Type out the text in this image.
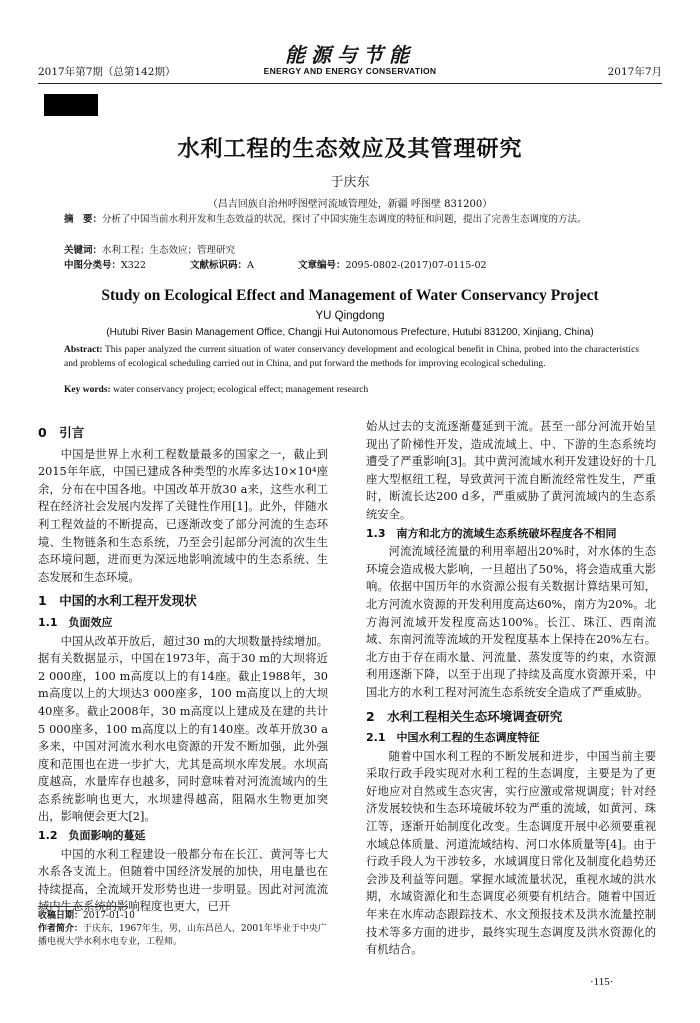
2017年第7期（总第142期）
能源与节能
ENERGY AND ENERGY CONSERVATION	2017年7月
水利工程的生态效应及其管理研究
于庆东
（昌吉回族自治州呼图壁河流域管理处，新疆 呼图壁 831200）
摘　要：分析了中国当前水利开发和生态效益的状况，探讨了中国实施生态调度的特征和问题，提出了完善生态调度的方法。
关键词：水利工程；生态效应；管理研究
中图分类号：X322	文献标识码：A	文章编号：2095-0802-(2017)07-0115-02
Study on Ecological Effect and Management of Water Conservancy Project
YU Qingdong
(Hutubi River Basin Management Office, Changji Hui Autonomous Prefecture, Hutubi 831200, Xinjiang, China)
Abstract: This paper analyzed the current situation of water conservancy development and ecological benefit in China, probed into the characteristics and problems of ecological scheduling carried out in China, and put forward the methods for improving ecological scheduling.
Key words: water conservancy project; ecological effect; management research
0　引言

中国是世界上水利工程数量最多的国家之一，截止到2015年年底，中国已建成各种类型的水库多达10×10⁴座余，分布在中国各地。中国改革开放30 a来，这些水利工程在经济社会发展内发挥了关键性作用[1]。此外，伴随水利工程效益的不断提高，已逐渐改变了部分河流的生态环境、生物链条和生态系统，乃至会引起部分河流的次生生态环境问题，进而更为深远地影响流域中的生态系统、生态发展和生态环境。

1　中国的水利工程开发现状
1.1　负面效应

中国从改革开放后，超过30 m的大坝数量持续增加。据有关数据显示，中国在1973年，高于30 m的大坝将近2 000座，100 m高度以上的有14座。截止1988年，30 m高度以上的大坝达3 000座多，100 m高度以上的大坝40座多。截止2008年，30 m高度以上建成及在建的共计5 000座多，100 m高度以上的有140座。改革开放30 a多来，中国对河流水利水电资源的开发不断加强，此外强度和范围也在进一步扩大，尤其是高坝水库发展。水坝高度越高，水量库存也越多，同时意味着对河流流域内的生态系统影响也更大，水坝建得越高，阻隔水生物更加突出，影响便会更大[2]。

1.2　负面影响的蔓延

中国的水利工程建设一般都分布在长江、黄河等七大水系各支流上。但随着中国经济发展的加快，用电量也在持续提高，全流域开发形势也进一步明显。因此对河流流域内生态系统的影响程度也更大，已开

始从过去的支流逐渐蔓延到干流。甚至一部分河流开始呈现出了阶梯性开发，造成流域上、中、下游的生态系统均遭受了严重影响[3]。其中黄河流域水利开发建设好的十几座大型枢纽工程，导致黄河干流自断流经常性发生，严重时，断流长达200 d多，严重威胁了黄河流域内的生态系统安全。

1.3　南方和北方的流域生态系统破坏程度各不相同

河流流域径流量的利用率超出20%时，对水体的生态环境会造成极大影响，一旦超出了50%，将会造成重大影响。依据中国历年的水资源公报有关数据计算结果可知，北方河流水资源的开发利用度高达60%，南方为20%。北方海河流域开发程度高达100%。长江、珠江、西南流域、东南河流等流域的开发程度基本上保持在20%左右。北方由于存在雨水量、河流量、蒸发度等的约束，水资源利用逐渐下降，以至于出现了持续及高度水资源开采，中国北方的水利工程对河流生态系统安全造成了严重威胁。

2　水利工程相关生态环境调查研究
2.1　中国水利工程的生态调度特征

随着中国水利工程的不断发展和进步，中国当前主要采取行政手段实现对水利工程的生态调度，主要是为了更好地应对自然或生态灾害，实行应激或常规调度；针对经济发展较快和生态环境破坏较为严重的流域，如黄河、珠江等，逐渐开始制度化改变。生态调度开展中必须要重视水域总体质量、河道流域结构、河口水体质量等[4]。由于行政手段人为干涉较多，水域调度日常化及制度化趋势还会涉及利益等问题。掌握水域流量状况，重视水域的洪水期，水域资源化和生态调度必须要有机结合。随着中国近年来在水库动态跟踪技术、水文预报技术及洪水流量控制技术等多方面的进步，最终实现生态调度及洪水资源化的有机结合。

收稿日期：2017-01-10
作者简介：于庆东，1967年生，男，山东昌邑人，2001年毕业于中央广播电视大学水利水电专业，工程师。
·115·
